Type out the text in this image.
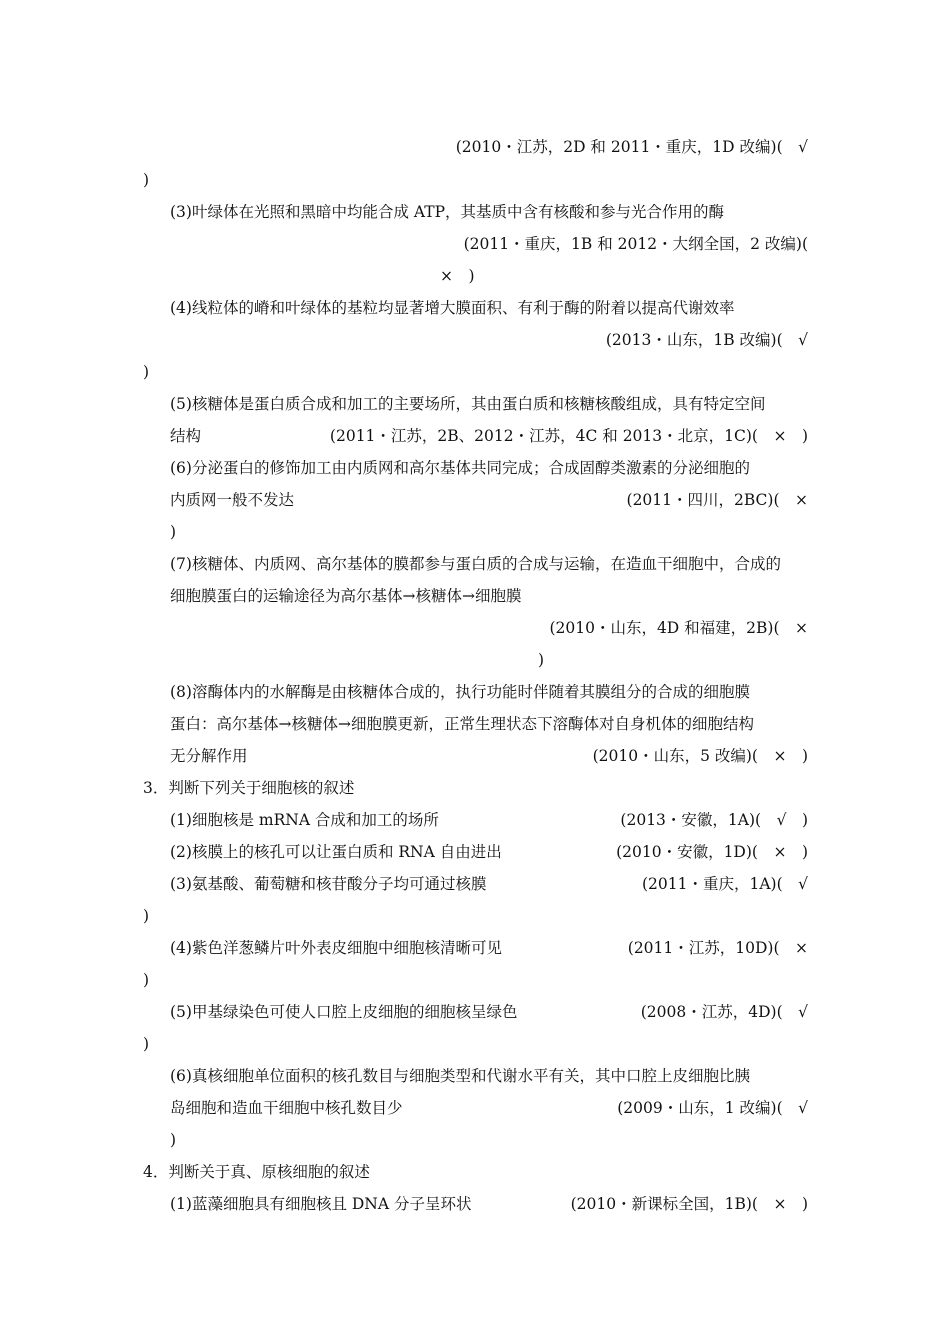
(2010・江苏，2D 和 2011・重庆，1D 改编)(　√
)
(3)叶绿体在光照和黑暗中均能合成 ATP，其基质中含有核酸和参与光合作用的酶
(2011・重庆，1B 和 2012・大纲全国，2 改编)(
×　)
(4)线粒体的嵴和叶绿体的基粒均显著增大膜面积、有利于酶的附着以提高代谢效率
(2013・山东，1B 改编)(　√
)
(5)核糖体是蛋白质合成和加工的主要场所，其由蛋白质和核糖核酸组成，具有特定空间
结构	(2011・江苏，2B、2012・江苏，4C 和 2013・北京，1C)(　×　)
(6)分泌蛋白的修饰加工由内质网和高尔基体共同完成；合成固醇类激素的分泌细胞的
内质网一般不发达	(2011・四川，2BC)(　×
)
(7)核糖体、内质网、高尔基体的膜都参与蛋白质的合成与运输，在造血干细胞中，合成的
细胞膜蛋白的运输途径为高尔基体→核糖体→细胞膜
(2010・山东，4D 和福建，2B)(　×
)
(8)溶酶体内的水解酶是由核糖体合成的，执行功能时伴随着其膜组分的合成的细胞膜
蛋白：高尔基体→核糖体→细胞膜更新，正常生理状态下溶酶体对自身机体的细胞结构
无分解作用	(2010・山东，5 改编)(　×　)
3．判断下列关于细胞核的叙述
(1)细胞核是 mRNA 合成和加工的场所	(2013・安徽，1A)(　√　)
(2)核膜上的核孔可以让蛋白质和 RNA 自由进出	(2010・安徽，1D)(　×　)
(3)氨基酸、葡萄糖和核苷酸分子均可通过核膜	(2011・重庆，1A)(　√
)
(4)紫色洋葱鳞片叶外表皮细胞中细胞核清晰可见	(2011・江苏，10D)(　×
)
(5)甲基绿染色可使人口腔上皮细胞的细胞核呈绿色	(2008・江苏，4D)(　√
)
(6)真核细胞单位面积的核孔数目与细胞类型和代谢水平有关，其中口腔上皮细胞比胰
岛细胞和造血干细胞中核孔数目少	(2009・山东，1 改编)(　√
)
4．判断关于真、原核细胞的叙述
(1)蓝藻细胞具有细胞核且 DNA 分子呈环状	(2010・新课标全国，1B)(　×　)
